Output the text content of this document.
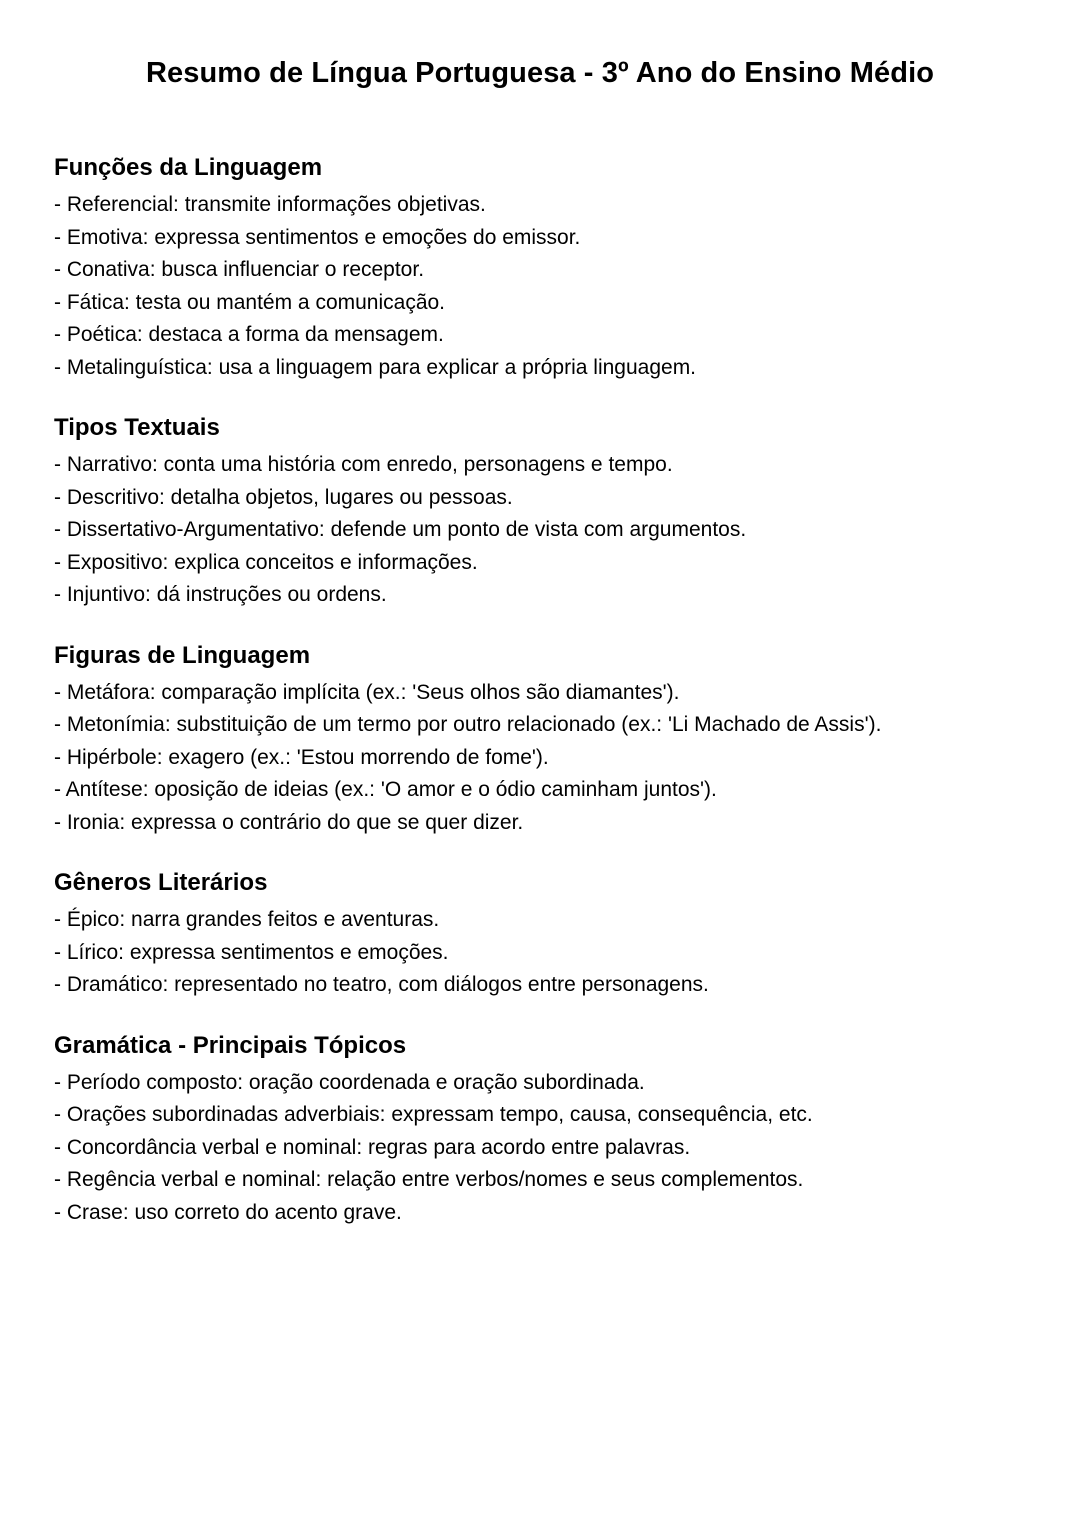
Resumo de Língua Portuguesa - 3º Ano do Ensino Médio
Funções da Linguagem
- Referencial: transmite informações objetivas.
- Emotiva: expressa sentimentos e emoções do emissor.
- Conativa: busca influenciar o receptor.
- Fática: testa ou mantém a comunicação.
- Poética: destaca a forma da mensagem.
- Metalinguística: usa a linguagem para explicar a própria linguagem.
Tipos Textuais
- Narrativo: conta uma história com enredo, personagens e tempo.
- Descritivo: detalha objetos, lugares ou pessoas.
- Dissertativo-Argumentativo: defende um ponto de vista com argumentos.
- Expositivo: explica conceitos e informações.
- Injuntivo: dá instruções ou ordens.
Figuras de Linguagem
- Metáfora: comparação implícita (ex.: 'Seus olhos são diamantes').
- Metonímia: substituição de um termo por outro relacionado (ex.: 'Li Machado de Assis').
- Hipérbole: exagero (ex.: 'Estou morrendo de fome').
- Antítese: oposição de ideias (ex.: 'O amor e o ódio caminham juntos').
- Ironia: expressa o contrário do que se quer dizer.
Gêneros Literários
- Épico: narra grandes feitos e aventuras.
- Lírico: expressa sentimentos e emoções.
- Dramático: representado no teatro, com diálogos entre personagens.
Gramática - Principais Tópicos
- Período composto: oração coordenada e oração subordinada.
- Orações subordinadas adverbiais: expressam tempo, causa, consequência, etc.
- Concordância verbal e nominal: regras para acordo entre palavras.
- Regência verbal e nominal: relação entre verbos/nomes e seus complementos.
- Crase: uso correto do acento grave.
